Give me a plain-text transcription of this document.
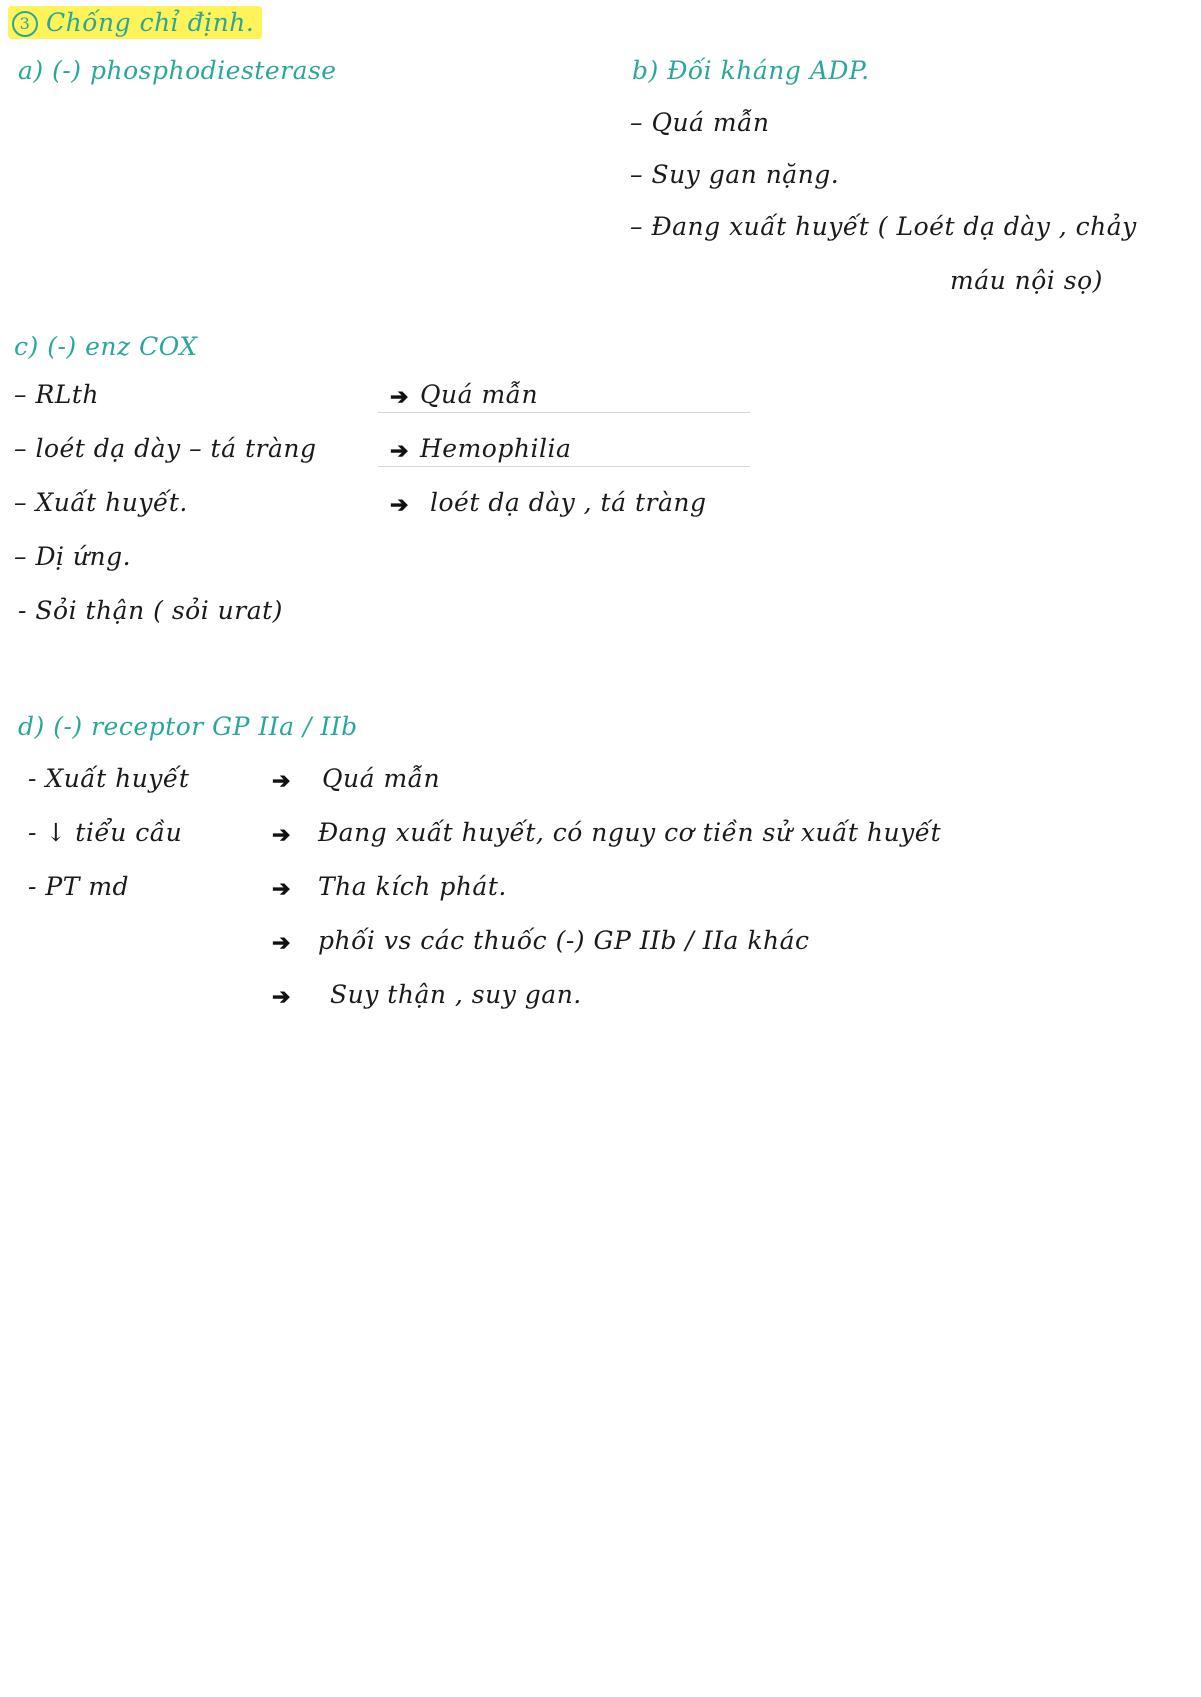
3 Chống chỉ định.
a) (-) phosphodiesterase	b) Đối kháng ADP.
– Quá mẫn
– Suy gan nặng.
– Đang xuất huyết ( Loét dạ dày , chảy
máu nội sọ)
c) (-) enz COX
– RLth
– loét dạ dày – tá tràng
– Xuất huyết.
– Dị ứng.
- Sỏi thận ( sỏi urat)
➔ Quá mẫn
➔ Hemophilia
➔ loét dạ dày , tá tràng
d) (-) receptor GP IIa / IIb
- Xuất huyết
- ↓ tiểu cầu
- PT md
➔ Quá mẫn
➔ Đang xuất huyết, có nguy cơ tiền sử xuất huyết
➔ Tha kích phát.
➔ phối vs các thuốc (-) GP IIb / IIa khác
➔ Suy thận , suy gan.
